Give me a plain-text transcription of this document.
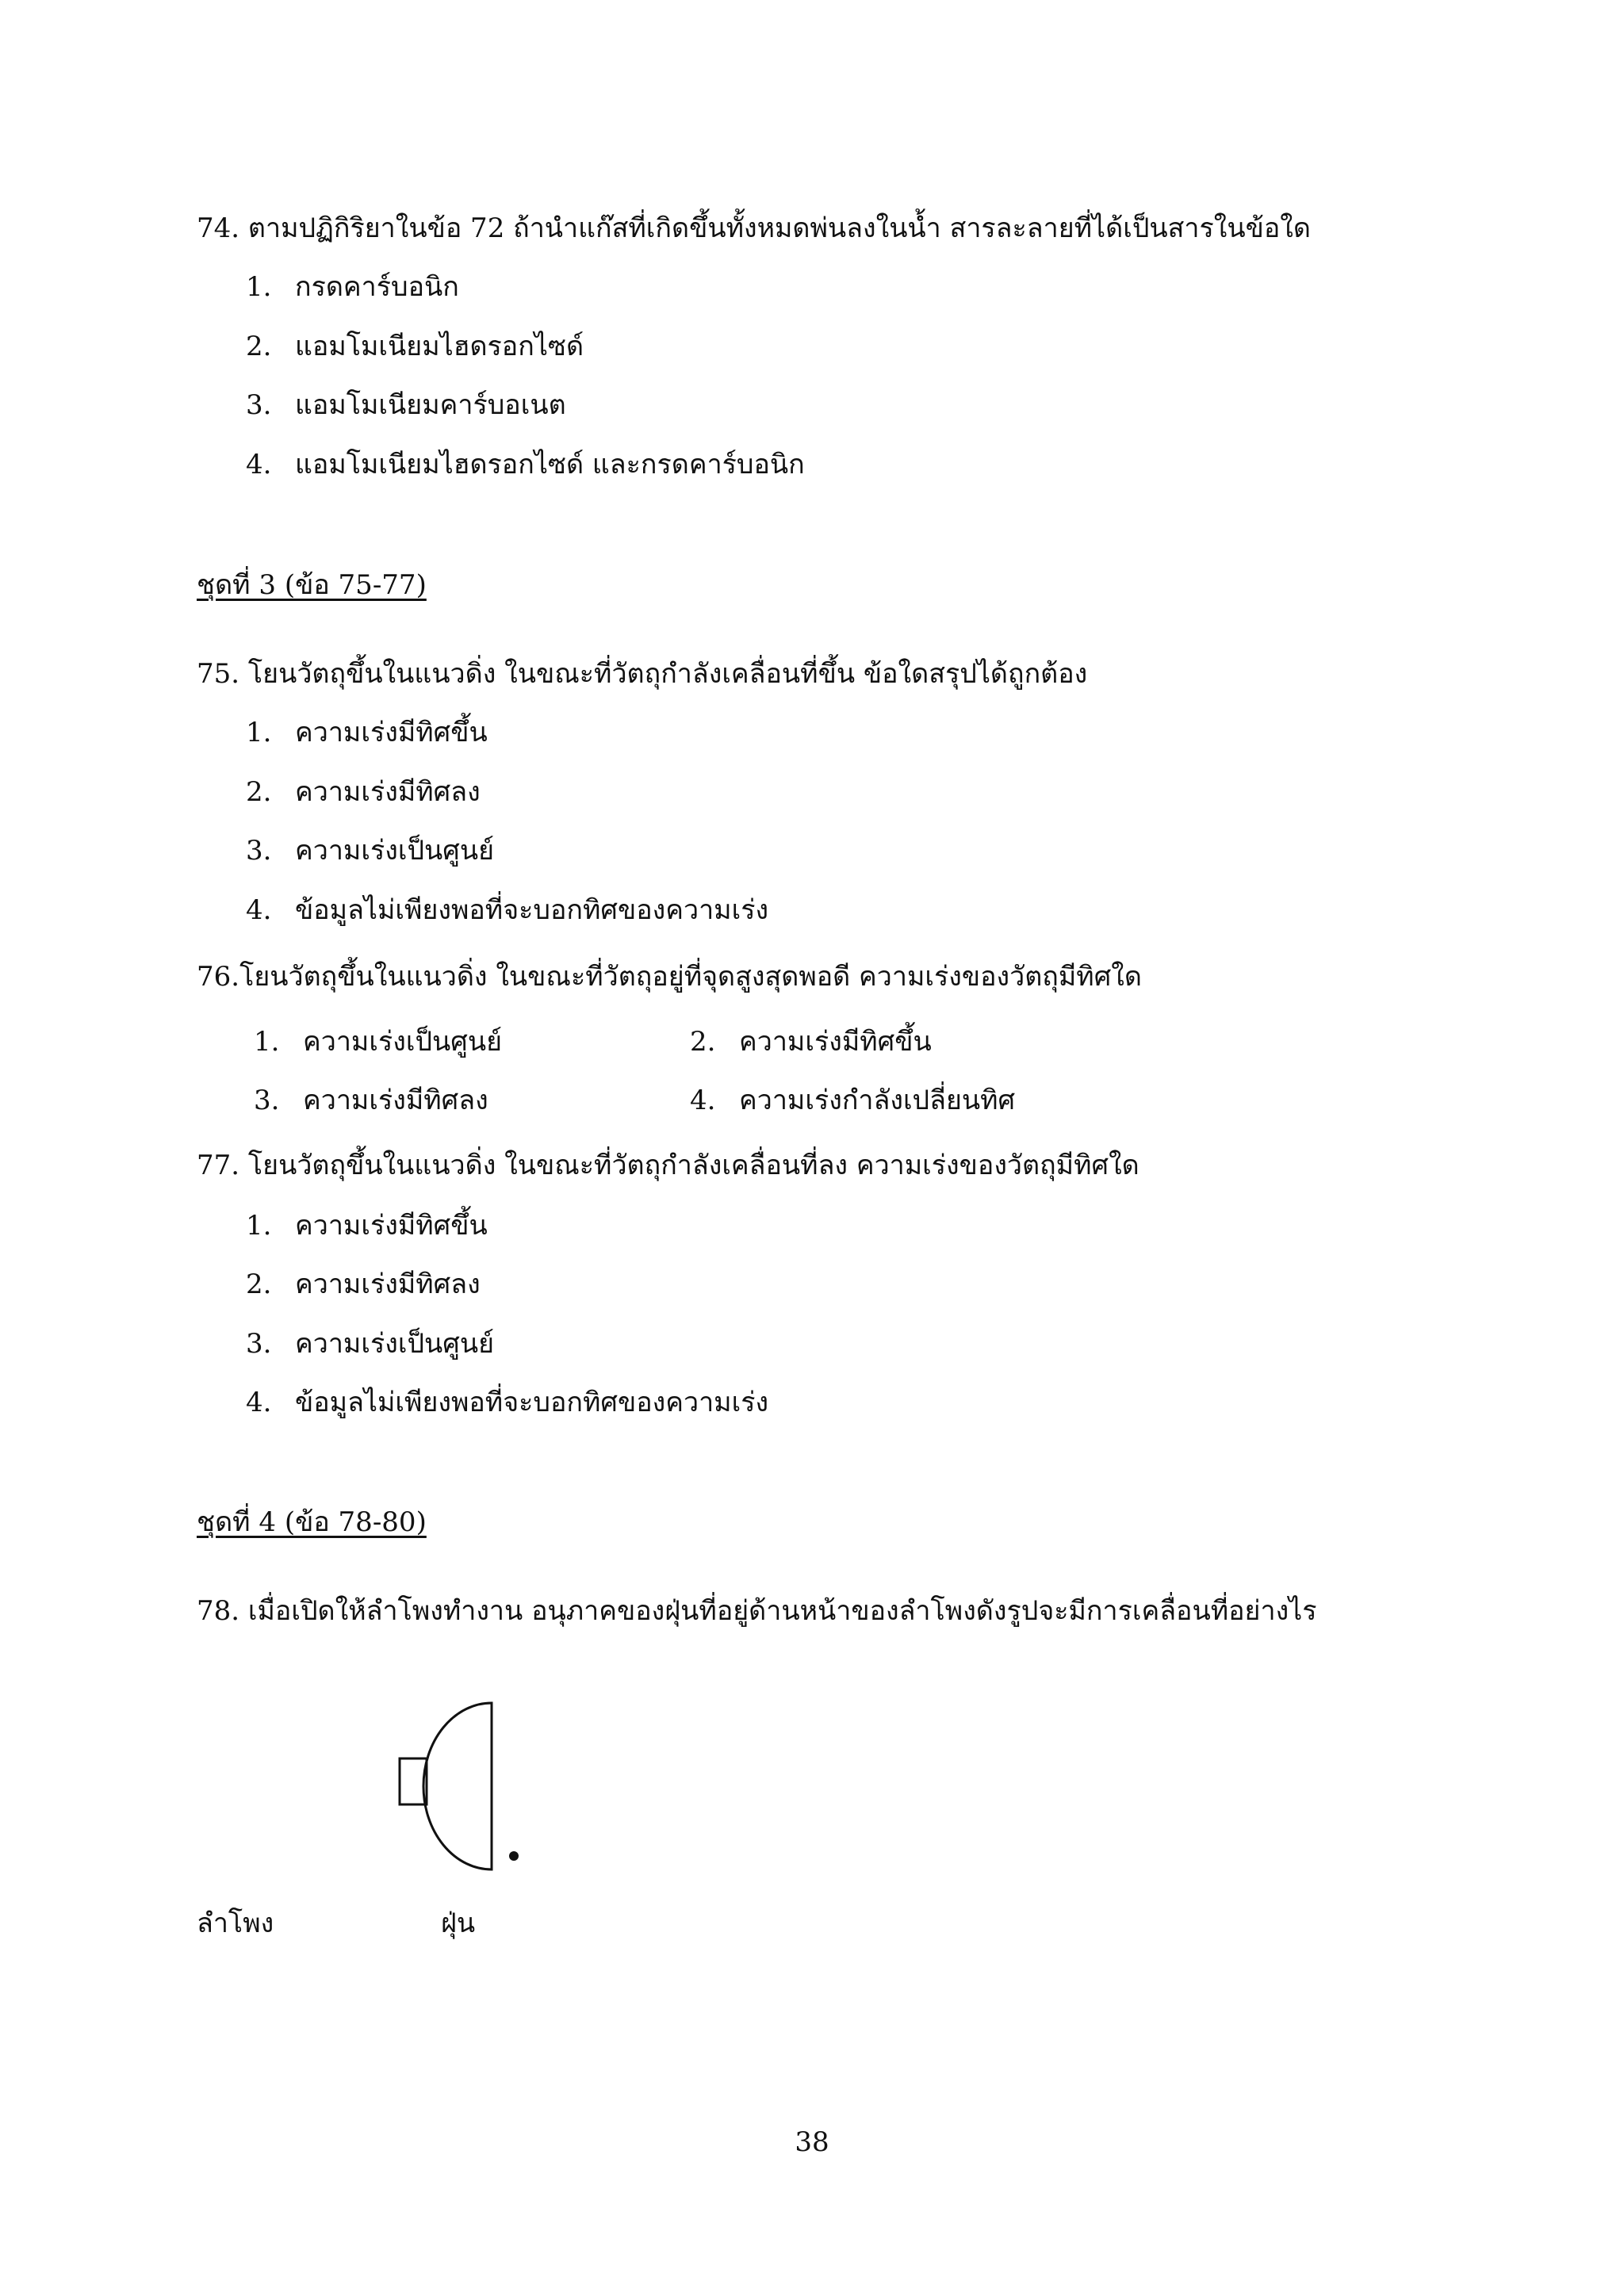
74. ตามปฏิกิริยาในข้อ 72 ถ้านำแก๊สที่เกิดขึ้นทั้งหมดพ่นลงในน้ำ สารละลายที่ได้เป็นสารในข้อใด
1. กรดคาร์บอนิก
2. แอมโมเนียมไฮดรอกไซด์
3. แอมโมเนียมคาร์บอเนต
4. แอมโมเนียมไฮดรอกไซด์ และกรดคาร์บอนิก
ชุดที่ 3 (ข้อ 75-77)
75. โยนวัตถุขึ้นในแนวดิ่ง ในขณะที่วัตถุกำลังเคลื่อนที่ขึ้น ข้อใดสรุปได้ถูกต้อง
1. ความเร่งมีทิศขึ้น
2. ความเร่งมีทิศลง
3. ความเร่งเป็นศูนย์
4. ข้อมูลไม่เพียงพอที่จะบอกทิศของความเร่ง
76.โยนวัตถุขึ้นในแนวดิ่ง ในขณะที่วัตถุอยู่ที่จุดสูงสุดพอดี ความเร่งของวัตถุมีทิศใด
1. ความเร่งเป็นศูนย์	2. ความเร่งมีทิศขึ้น
3. ความเร่งมีทิศลง	4. ความเร่งกำลังเปลี่ยนทิศ
77. โยนวัตถุขึ้นในแนวดิ่ง ในขณะที่วัตถุกำลังเคลื่อนที่ลง ความเร่งของวัตถุมีทิศใด
1. ความเร่งมีทิศขึ้น
2. ความเร่งมีทิศลง
3. ความเร่งเป็นศูนย์
4. ข้อมูลไม่เพียงพอที่จะบอกทิศของความเร่ง
ชุดที่ 4 (ข้อ 78-80)
78. เมื่อเปิดให้ลำโพงทำงาน อนุภาคของฝุ่นที่อยู่ด้านหน้าของลำโพงดังรูปจะมีการเคลื่อนที่อย่างไร
ลำโพง	ฝุ่น
38
